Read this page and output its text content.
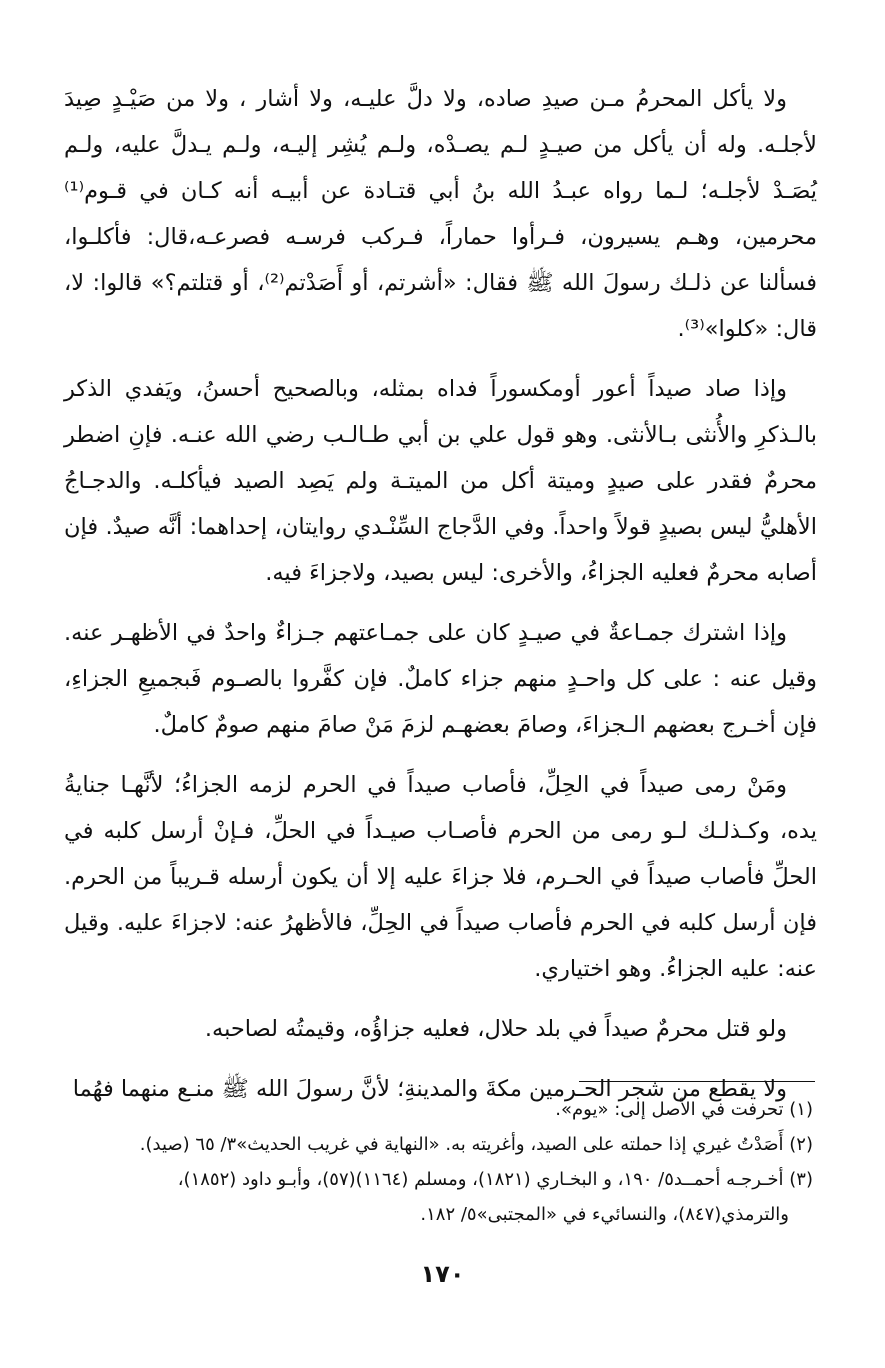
ولا يأكل المحرمُ مـن صيدِ صاده، ولا دلَّ عليـه، ولا أشار ، ولا من صَيْـدٍ صِيدَ لأجلـه. وله أن يأكل من صيـدٍ لـم يصـدْه، ولـم يُشِر إليـه، ولـم يـدلَّ عليه، ولـم يُصَـدْ لأجلـه؛ لـما رواه عبـدُ الله بنُ أبي قتـادة عن أبيـه أنه كـان في قـوم⁽¹⁾ محرمين، وهـم يسيرون، فـرأوا حماراً، فـركب فرسـه فصرعـه،قال: فأكلـوا، فسألنا عن ذلـك رسولَ الله ﷺ فقال: «أشرتم، أو أَصَدْتم⁽²⁾، أو قتلتم؟» قالوا: لا، قال: «كلوا»⁽³⁾.

وإذا صاد صيداً أعور أومكسوراً فداه بمثله، وبالصحيح أحسنُ، ويَفدي الذكر بالـذكرِ والأُنثى بـالأنثى. وهو قول علي بن أبي طـالـب رضي الله عنـه. فإنِ اضطر محرمٌ فقدر على صيدٍ وميتة أكل من الميتـة ولم يَصِد الصيد فيأكلـه. والدجـاجُ الأهليُّ ليس بصيدٍ قولاً واحداً. وفي الدَّجاج السِّنْـدي روايتان، إحداهما: أنَّه صيدٌ. فإن أصابه محرمٌ فعليه الجزاءُ، والأخرى: ليس بصيد، ولاجزاءَ فيه.

وإذا اشترك جمـاعةٌ في صيـدٍ كان على جمـاعتهم جـزاءٌ واحدٌ في الأظهـر عنه. وقيل عنه : على كل واحـدٍ منهم جزاء كاملٌ. فإن كفَّروا بالصـوم فَبجميعِ الجزاءِ، فإن أخـرج بعضهم الـجزاءَ، وصامَ بعضهـم لزمَ مَنْ صامَ منهم صومٌ كاملٌ.

ومَنْ رمى صيداً في الحِلِّ، فأصاب صيداً في الحرم لزمه الجزاءُ؛ لأنَّهـا جنايةُ يده، وكـذلـك لـو رمى من الحرم فأصـاب صيـداً في الحلِّ، فـإنْ أرسل كلبه في الحلِّ فأصاب صيداً في الحـرم، فلا جزاءَ عليه إلا أن يكون أرسله قـريباً من الحرم. فإن أرسل كلبه في الحرم فأصاب صيداً في الحِلِّ، فالأظهرُ عنه: لاجزاءَ عليه. وقيل عنه: عليه الجزاءُ. وهو اختياري.

ولو قتل محرمٌ صيداً في بلد حلال، فعليه جزاؤُه، وقيمتُه لصاحبه.

ولا يقطع من شجر الحـرمين مكةَ والمدينةِ؛ لأنَّ رسولَ الله ﷺ منـع منهما فهُما

(١) تحرفت في الأصل إلى: «يوم».

(٢) أَصَدْتُ غيري إذا حملته على الصيد، وأغريته به. «النهاية في غريب الحديث»٣/ ٦٥ (صيد).

(٣) أخـرجـه أحمــد٥/ ١٩٠، و البخـاري (١٨٢١)، ومسلم (١١٦٤)(٥٧)، وأبـو داود (١٨٥٢)،

والترمذي(٨٤٧)، والنسائيء في «المجتبى»٥/ ١٨٢.

١٧٠
